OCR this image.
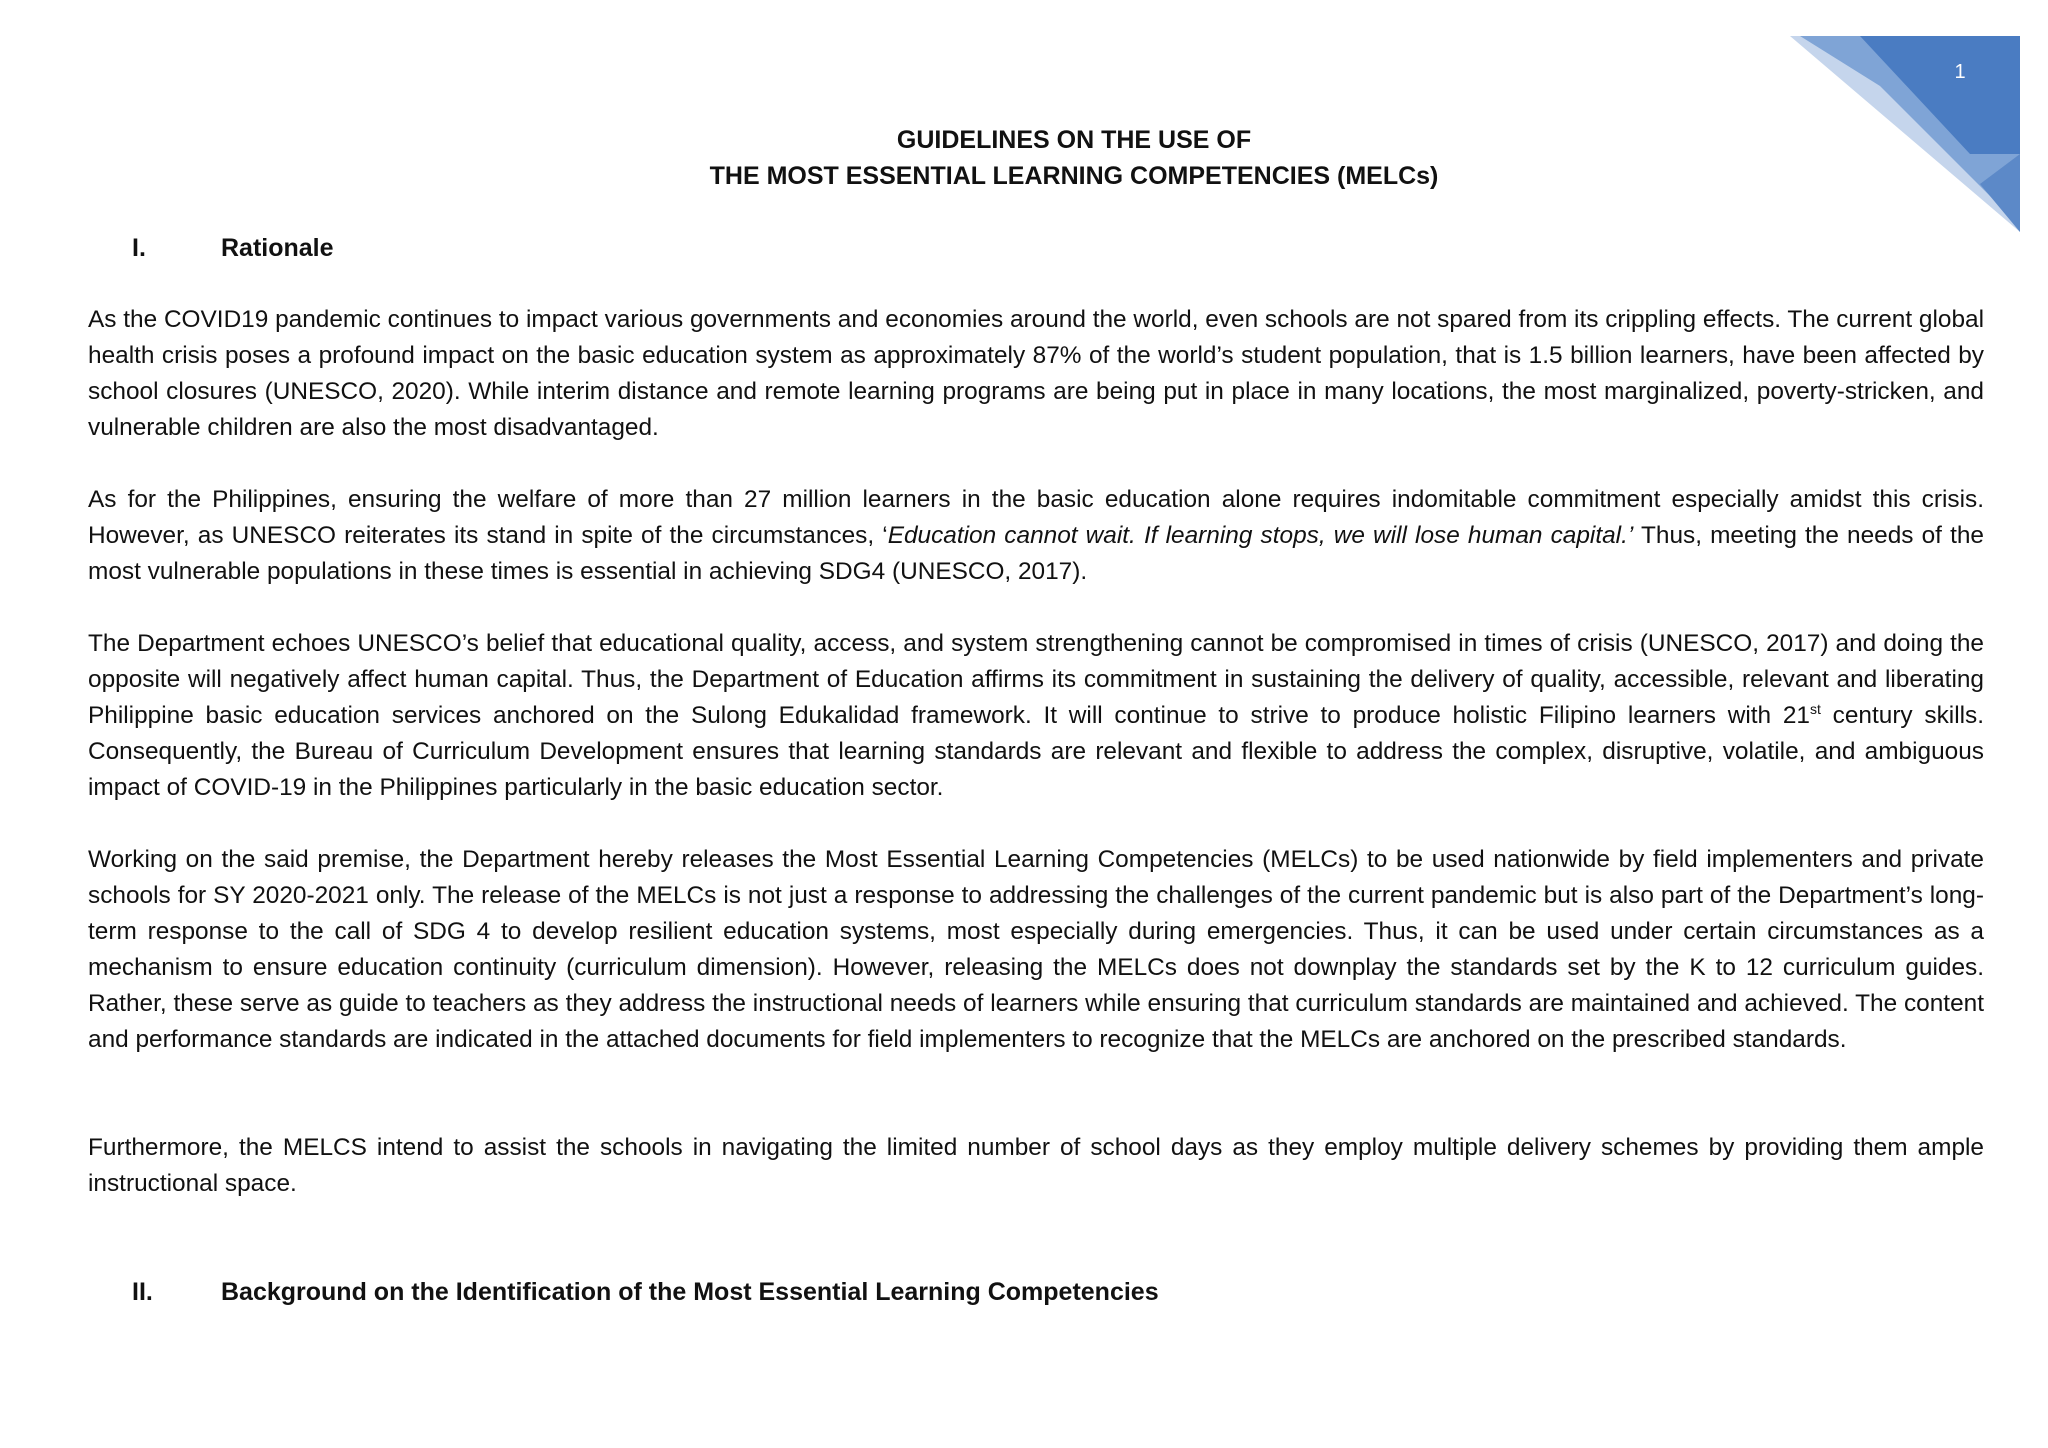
1
GUIDELINES ON THE USE OF
THE MOST ESSENTIAL LEARNING COMPETENCIES (MELCs)
I.	Rationale

As the COVID19 pandemic continues to impact various governments and economies around the world, even schools are not spared from its crippling effects. The current global health crisis poses a profound impact on the basic education system as approximately 87% of the world’s student population, that is 1.5 billion learners, have been affected by school closures (UNESCO, 2020). While interim distance and remote learning programs are being put in place in many locations, the most marginalized, poverty-stricken, and vulnerable children are also the most disadvantaged.

As for the Philippines, ensuring the welfare of more than 27 million learners in the basic education alone requires indomitable commitment especially amidst this crisis. However, as UNESCO reiterates its stand in spite of the circumstances, ‘Education cannot wait. If learning stops, we will lose human capital.’ Thus, meeting the needs of the most vulnerable populations in these times is essential in achieving SDG4 (UNESCO, 2017).

The Department echoes UNESCO’s belief that educational quality, access, and system strengthening cannot be compromised in times of crisis (UNESCO, 2017) and doing the opposite will negatively affect human capital. Thus, the Department of Education affirms its commitment in sustaining the delivery of quality, accessible, relevant and liberating Philippine basic education services anchored on the Sulong Edukalidad framework. It will continue to strive to produce holistic Filipino learners with 21st century skills. Consequently, the Bureau of Curriculum Development ensures that learning standards are relevant and flexible to address the complex, disruptive, volatile, and ambiguous impact of COVID-19 in the Philippines particularly in the basic education sector.

Working on the said premise, the Department hereby releases the Most Essential Learning Competencies (MELCs) to be used nationwide by field implementers and private schools for SY 2020-2021 only. The release of the MELCs is not just a response to addressing the challenges of the current pandemic but is also part of the Department’s long-term response to the call of SDG 4 to develop resilient education systems, most especially during emergencies. Thus, it can be used under certain circumstances as a mechanism to ensure education continuity (curriculum dimension). However, releasing the MELCs does not downplay the standards set by the K to 12 curriculum guides. Rather, these serve as guide to teachers as they address the instructional needs of learners while ensuring that curriculum standards are maintained and achieved. The content and performance standards are indicated in the attached documents for field implementers to recognize that the MELCs are anchored on the prescribed standards.

Furthermore, the MELCS intend to assist the schools in navigating the limited number of school days as they employ multiple delivery schemes by providing them ample instructional space.

II.	Background on the Identification of the Most Essential Learning Competencies
